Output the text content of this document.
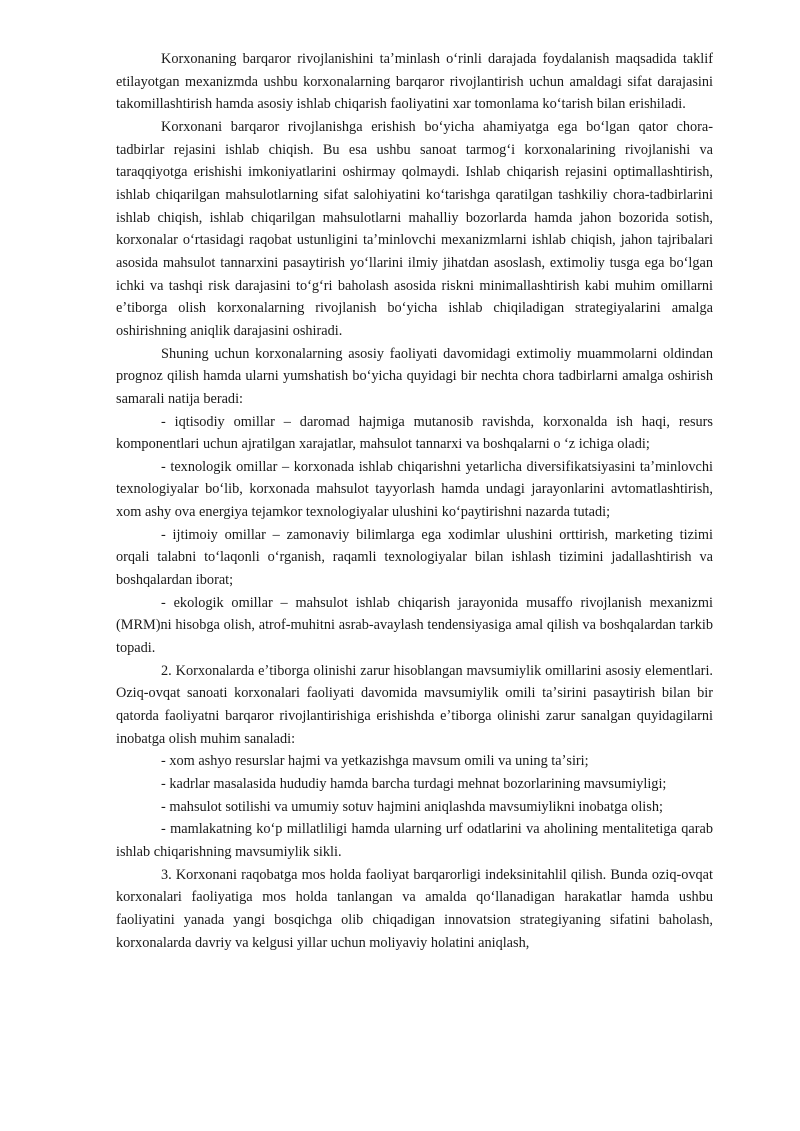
Korxonaning barqaror rivojlanishini taʼminlash oʻrinli darajada foydalanish maqsadida taklif etilayotgan mexanizmda ushbu korxonalarning barqaror rivojlantirish uchun amaldagi sifat darajasini takomillashtirish hamda asosiy ishlab chiqarish faoliyatini xar tomonlama koʻtarish bilan erishiladi.

Korxonani barqaror rivojlanishga erishish boʻyicha ahamiyatga ega boʻlgan qator chora-tadbirlar rejasini ishlab chiqish. Bu esa ushbu sanoat tarmogʻi korxonalarining rivojlanishi va taraqqiyotga erishishi imkoniyatlarini oshirmay qolmaydi. Ishlab chiqarish rejasini optimallashtirish, ishlab chiqarilgan mahsulotlarning sifat salohiyatini koʻtarishga qaratilgan tashkiliy chora-tadbirlarini ishlab chiqish, ishlab chiqarilgan mahsulotlarni mahalliy bozorlarda hamda jahon bozorida sotish, korxonalar oʻrtasidagi raqobat ustunligini taʼminlovchi mexanizmlarni ishlab chiqish, jahon tajribalari asosida mahsulot tannarxini pasaytirish yoʻllarini ilmiy jihatdan asoslash, extimoliy tusga ega boʻlgan ichki va tashqi risk darajasini toʻgʻri baholash asosida riskni minimallashtirish kabi muhim omillarni eʼtiborga olish korxonalarning rivojlanish boʻyicha ishlab chiqiladigan strategiyalarini amalga oshirishning aniqlik darajasini oshiradi.

Shuning uchun korxonalarning asosiy faoliyati davomidagi extimoliy muammolarni oldindan prognoz qilish hamda ularni yumshatish boʻyicha quyidagi bir nechta chora tadbirlarni amalga oshirish samarali natija beradi:

- iqtisodiy omillar – daromad hajmiga mutanosib ravishda, korxonalda ish haqi, resurs komponentlari uchun ajratilgan xarajatlar, mahsulot tannarxi va boshqalarni o ‘z ichiga oladi;

- texnologik omillar – korxonada ishlab chiqarishni yetarlicha diversifikatsiyasini taʼminlovchi texnologiyalar boʻlib, korxonada mahsulot tayyorlash hamda undagi jarayonlarini avtomatlashtirish, xom ashy ova energiya tejamkor texnologiyalar ulushini koʻpaytirishni nazarda tutadi;

- ijtimoiy omillar – zamonaviy bilimlarga ega xodimlar ulushini orttirish, marketing tizimi orqali talabni toʻlaqonli oʻrganish, raqamli texnologiyalar bilan ishlash tizimini jadallashtirish va boshqalardan iborat;

- ekologik omillar – mahsulot ishlab chiqarish jarayonida musaffo rivojlanish mexanizmi (MRM)ni hisobga olish, atrof-muhitni asrab-avaylash tendensiyasiga amal qilish va boshqalardan tarkib topadi.

2. Korxonalarda eʼtiborga olinishi zarur hisoblangan mavsumiylik omillarini asosiy elementlari. Oziq-ovqat sanoati korxonalari faoliyati davomida mavsumiylik omili taʼsirini pasaytirish bilan bir qatorda faoliyatni barqaror rivojlantirishiga erishishda eʼtiborga olinishi zarur sanalgan quyidagilarni inobatga olish muhim sanaladi:

- xom ashyo resurslar hajmi va yetkazishga mavsum omili va uning taʼsiri;

- kadrlar masalasida hududiy hamda barcha turdagi mehnat bozorlarining mavsumiyligi;

- mahsulot sotilishi va umumiy sotuv hajmini aniqlashda mavsumiylikni inobatga olish;

- mamlakatning koʻp millatliligi hamda ularning urf odatlarini va aholining mentalitetiga qarab ishlab chiqarishning mavsumiylik sikli.

3. Korxonani raqobatga mos holda faoliyat barqarorligi indeksinitahlil qilish. Bunda oziq-ovqat korxonalari faoliyatiga mos holda tanlangan va amalda qoʻllanadigan harakatlar hamda ushbu faoliyatini yanada yangi bosqichga olib chiqadigan innovatsion strategiyaning sifatini baholash, korxonalarda davriy va kelgusi yillar uchun moliyaviy holatini aniqlash,
